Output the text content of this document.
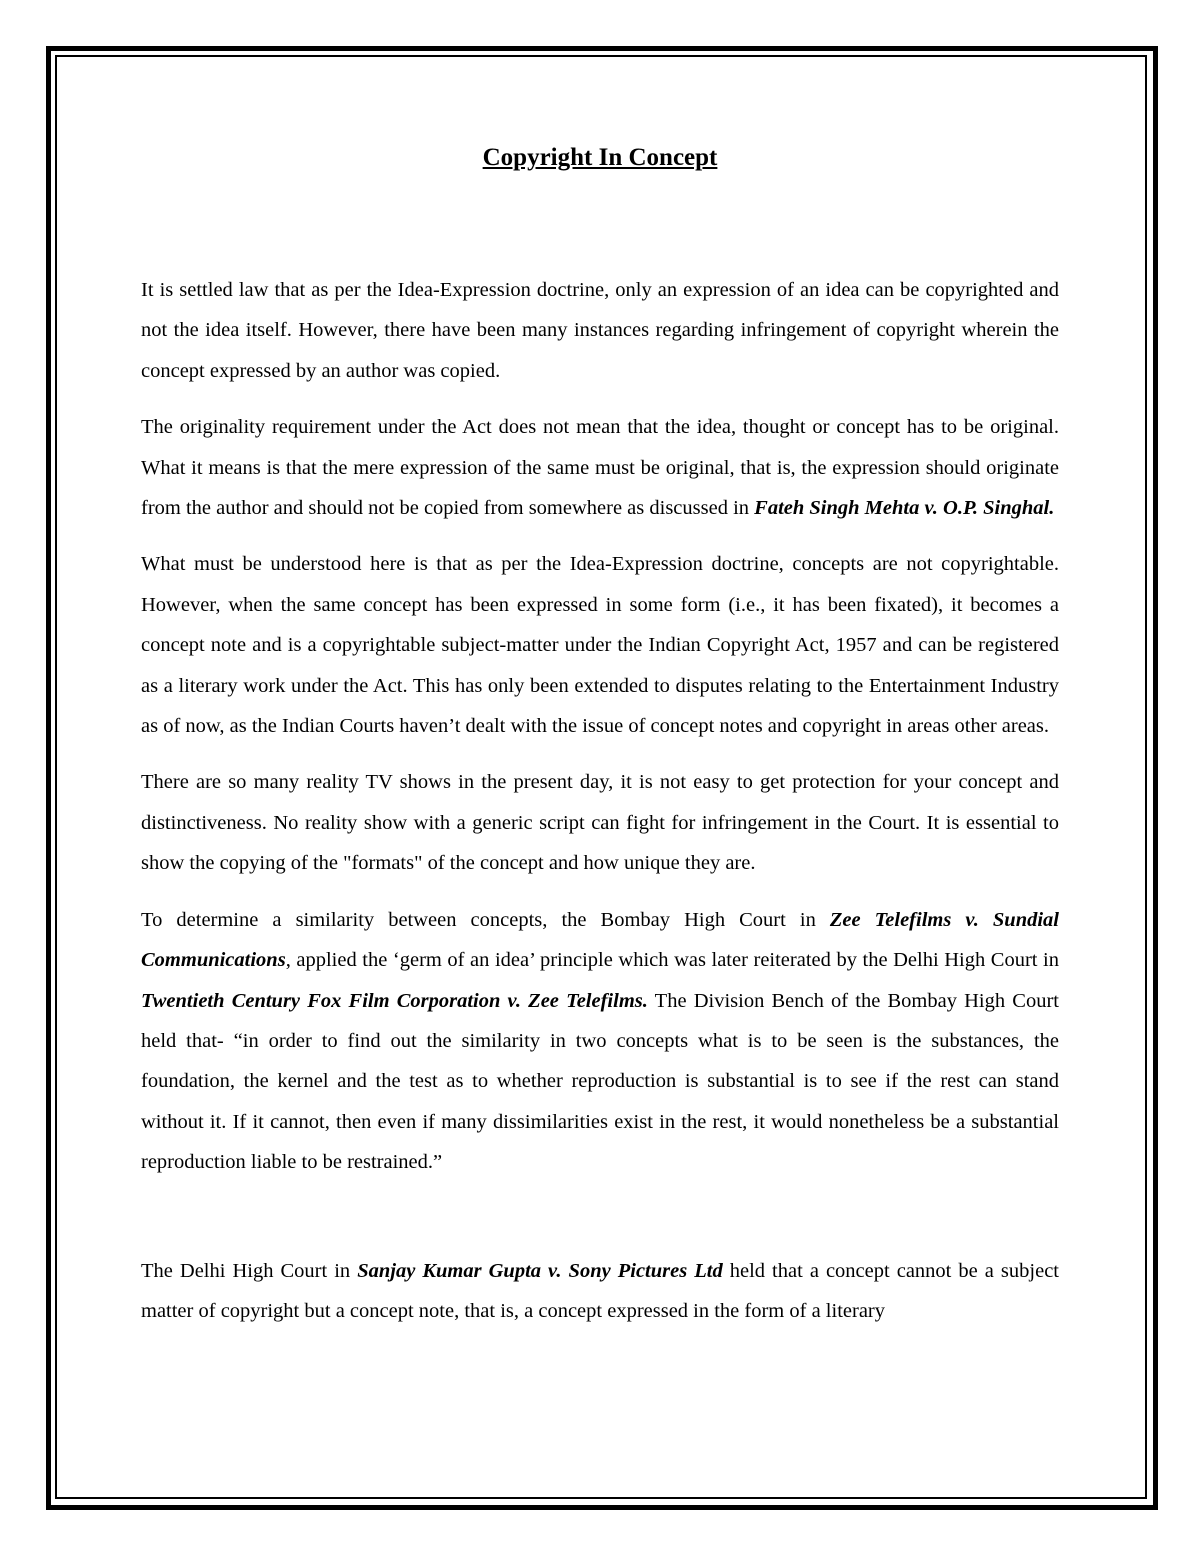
Copyright In Concept

It is settled law that as per the Idea-Expression doctrine, only an expression of an idea can be copyrighted and not the idea itself. However, there have been many instances regarding infringement of copyright wherein the concept expressed by an author was copied.

The originality requirement under the Act does not mean that the idea, thought or concept has to be original. What it means is that the mere expression of the same must be original, that is, the expression should originate from the author and should not be copied from somewhere as discussed in Fateh Singh Mehta v. O.P. Singhal.

What must be understood here is that as per the Idea-Expression doctrine, concepts are not copyrightable. However, when the same concept has been expressed in some form (i.e., it has been fixated), it becomes a concept note and is a copyrightable subject-matter under the Indian Copyright Act, 1957 and can be registered as a literary work under the Act. This has only been extended to disputes relating to the Entertainment Industry as of now, as the Indian Courts haven’t dealt with the issue of concept notes and copyright in areas other areas.

There are so many reality TV shows in the present day, it is not easy to get protection for your concept and distinctiveness. No reality show with a generic script can fight for infringement in the Court. It is essential to show the copying of the "formats" of the concept and how unique they are.

To determine a similarity between concepts, the Bombay High Court in Zee Telefilms v. Sundial Communications, applied the ‘germ of an idea’ principle which was later reiterated by the Delhi High Court in Twentieth Century Fox Film Corporation v. Zee Telefilms. The Division Bench of the Bombay High Court held that- “in order to find out the similarity in two concepts what is to be seen is the substances, the foundation, the kernel and the test as to whether reproduction is substantial is to see if the rest can stand without it. If it cannot, then even if many dissimilarities exist in the rest, it would nonetheless be a substantial reproduction liable to be restrained.”

The Delhi High Court in Sanjay Kumar Gupta v. Sony Pictures Ltd held that a concept cannot be a subject matter of copyright but a concept note, that is, a concept expressed in the form of a literary
